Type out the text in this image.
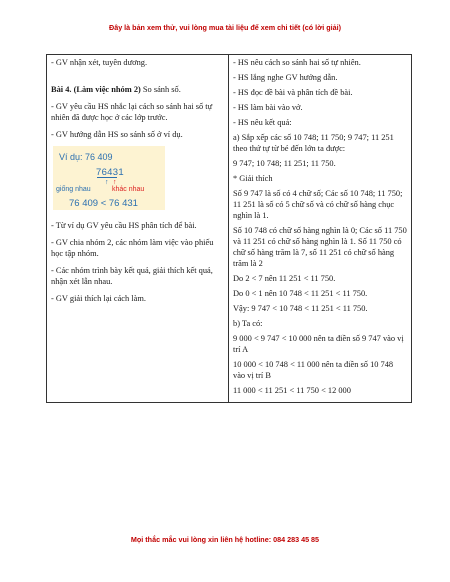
Đây là bản xem thử, vui lòng mua tài liệu để xem chi tiết (có lời giải)

- GV nhận xét, tuyên dương.

Bài 4. (Làm việc nhóm 2) So sánh số.

- GV yêu cầu HS nhắc lại cách so sánh hai số tự nhiên đã được học ở các lớp trước.

- GV hướng dẫn HS so sánh số ở ví dụ.

Ví dụ: 76 409
76431
↑ ↑
giống nhau	khác nhau
76 409 < 76 431

- Từ ví dụ GV yêu cầu HS phân tích để bài.

- GV chia nhóm 2, các nhóm làm việc vào phiếu học tập nhóm.

- Các nhóm trình bày kết quả, giải thích kết quả, nhận xét lẫn nhau.

- GV giải thích lại cách làm.

- HS nêu cách so sánh hai số tự nhiên.

- HS lắng nghe GV hướng dẫn.

- HS đọc đề bài và phân tích đề bài.

- HS làm bài vào vở.

- HS nêu kết quả:

a) Sắp xếp các số 10 748; 11 750; 9 747; 11 251 theo thứ tự từ bé đến lớn ta được:

9 747; 10 748; 11 251; 11 750.

* Giải thích

Số 9 747 là số có 4 chữ số; Các số 10 748; 11 750; 11 251 là số có 5 chữ số và có chữ số hàng chục nghìn là 1.

Số 10 748 có chữ số hàng nghìn là 0; Các số 11 750 và 11 251 có chữ số hàng nghìn là 1. Số 11 750 có chữ số hàng trăm là 7, số 11 251 có chữ số hàng trăm là 2

Do 2 < 7 nên 11 251 < 11 750.

Do 0 < 1 nên 10 748 < 11 251 < 11 750.

Vậy: 9 747 < 10 748 < 11 251 < 11 750.

b) Ta có:

9 000 < 9 747 < 10 000 nên ta điền số 9 747 vào vị trí A

10 000 < 10 748 < 11 000 nên ta điền số 10 748 vào vị trí B

11 000 < 11 251 < 11 750 < 12 000

Mọi thắc mắc vui lòng xin liên hệ hotline: 084 283 45 85
